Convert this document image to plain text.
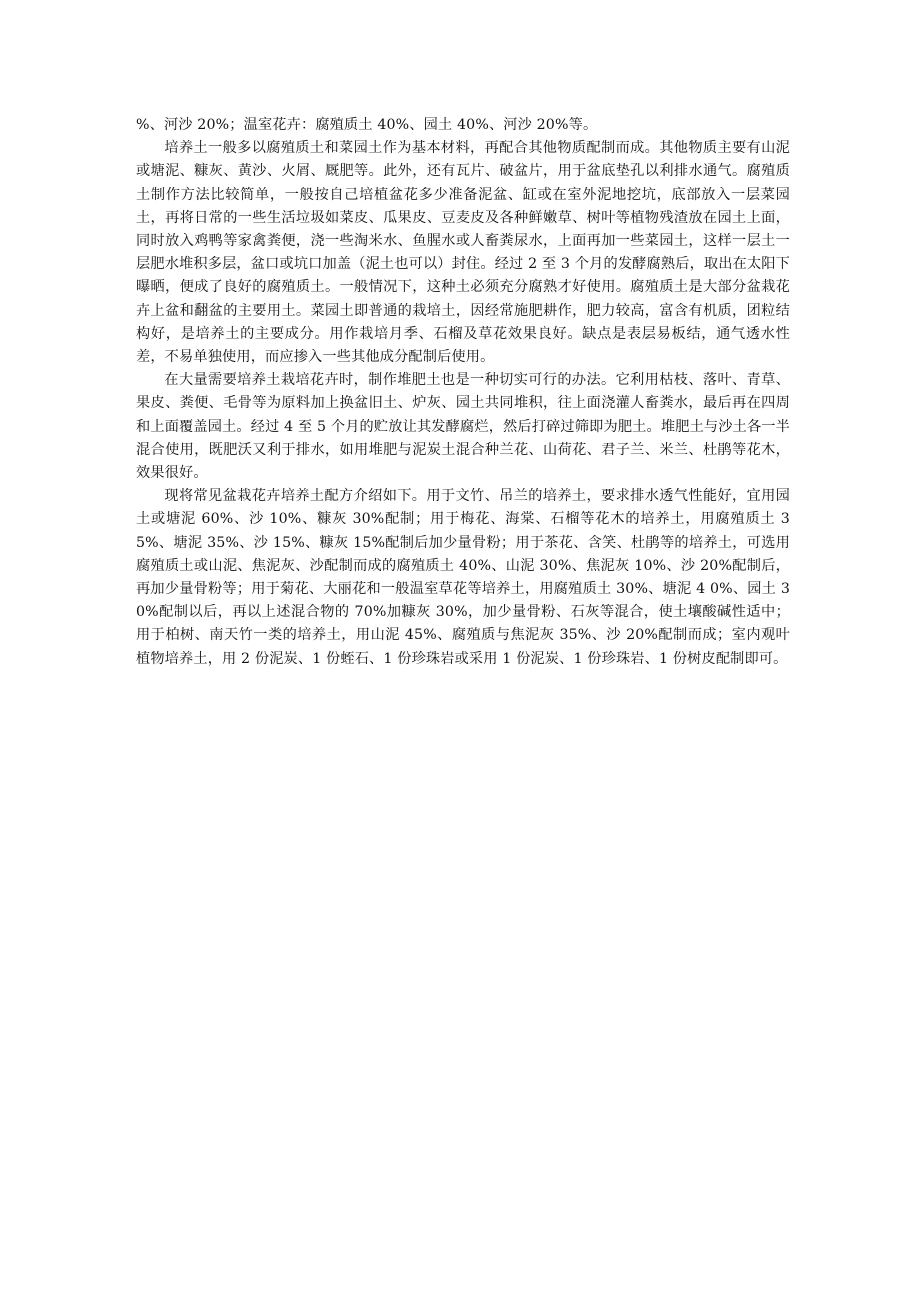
%、河沙 20%；温室花卉：腐殖质土 40%、园土 40%、河沙 20%等。

培养土一般多以腐殖质土和菜园土作为基本材料，再配合其他物质配制而成。其他物质主要有山泥或塘泥、糠灰、黄沙、火屑、厩肥等。此外，还有瓦片、破盆片，用于盆底垫孔以利排水通气。腐殖质土制作方法比较简单，一般按自己培植盆花多少准备泥盆、缸或在室外泥地挖坑，底部放入一层菜园土，再将日常的一些生活垃圾如菜皮、瓜果皮、豆麦皮及各种鲜嫩草、树叶等植物残渣放在园土上面，同时放入鸡鸭等家禽粪便，浇一些淘米水、鱼腥水或人畜粪尿水，上面再加一些菜园土，这样一层土一层肥水堆积多层，盆口或坑口加盖（泥土也可以）封住。经过 2 至 3 个月的发酵腐熟后，取出在太阳下曝晒，便成了良好的腐殖质土。一般情况下，这种土必须充分腐熟才好使用。腐殖质土是大部分盆栽花卉上盆和翻盆的主要用土。菜园土即普通的栽培土，因经常施肥耕作，肥力较高，富含有机质，团粒结构好，是培养土的主要成分。用作栽培月季、石榴及草花效果良好。缺点是表层易板结，通气透水性差，不易单独使用，而应掺入一些其他成分配制后使用。

在大量需要培养土栽培花卉时，制作堆肥土也是一种切实可行的办法。它利用枯枝、落叶、青草、果皮、粪便、毛骨等为原料加上换盆旧土、炉灰、园土共同堆积，往上面浇灌人畜粪水，最后再在四周和上面覆盖园土。经过 4 至 5 个月的贮放让其发酵腐烂，然后打碎过筛即为肥土。堆肥土与沙土各一半混合使用，既肥沃又利于排水，如用堆肥与泥炭土混合种兰花、山荷花、君子兰、米兰、杜鹃等花木，效果很好。

现将常见盆栽花卉培养土配方介绍如下。用于文竹、吊兰的培养土，要求排水透气性能好，宜用园土或塘泥 60%、沙 10%、糠灰 30%配制；用于梅花、海棠、石榴等花木的培养土，用腐殖质土 35%、塘泥 35%、沙 15%、糠灰 15%配制后加少量骨粉；用于茶花、含笑、杜鹃等的培养土，可选用腐殖质土或山泥、焦泥灰、沙配制而成的腐殖质土 40%、山泥 30%、焦泥灰 10%、沙 20%配制后，再加少量骨粉等；用于菊花、大丽花和一般温室草花等培养土，用腐殖质土 30%、塘泥 4 0%、园土 30%配制以后，再以上述混合物的 70%加糠灰 30%，加少量骨粉、石灰等混合，使土壤酸碱性适中；用于柏树、南天竹一类的培养土，用山泥 45%、腐殖质与焦泥灰 35%、沙 20%配制而成；室内观叶植物培养土，用 2 份泥炭、1 份蛭石、1 份珍珠岩或采用 1 份泥炭、1 份珍珠岩、1 份树皮配制即可。
